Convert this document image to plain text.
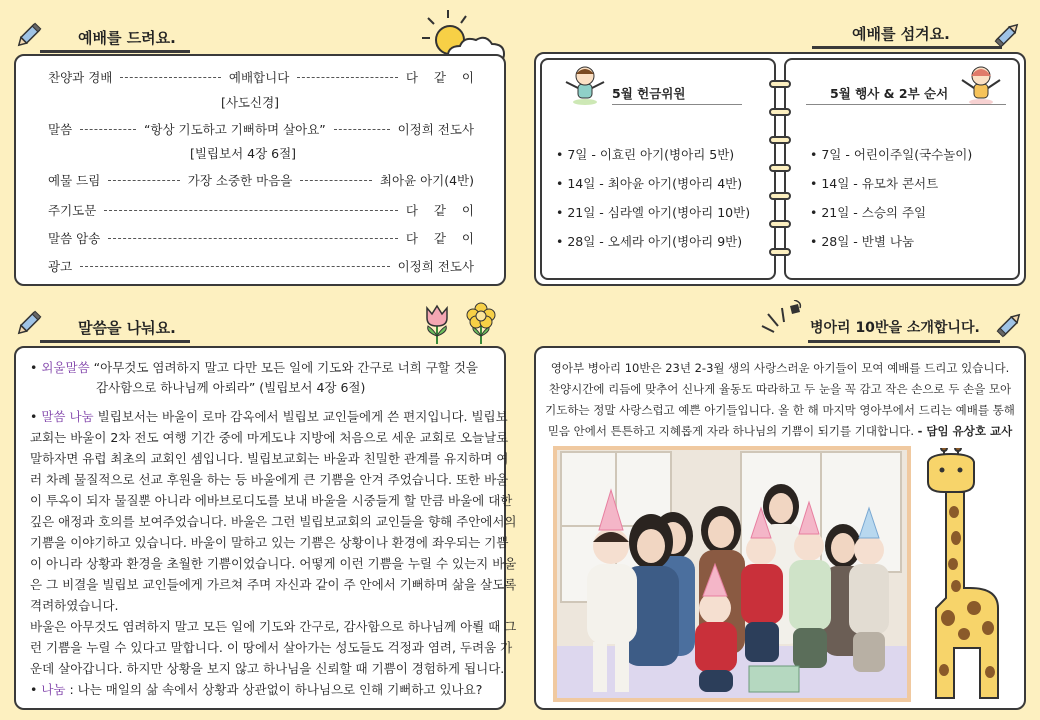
예배를 드려요.
찬양과 경배	예배합니다	다 같 이
[사도신경]
말씀	“항상 기도하고 기뻐하며 살아요”	이정희 전도사
[빌립보서 4장 6절]
예물 드림	가장 소중한 마음을	최아윤 아기(4반)
주기도문	다 같 이
말씀 암송	다 같 이
광고	이정희 전도사
예배를 섬겨요.
5월 헌금위원
• 7일 - 이효린 아기(병아리 5반)
• 14일 - 최아윤 아기(병아리 4반)
• 21일 - 심라엘 아기(병아리 10반)
• 28일 - 오세라 아기(병아리 9반)
5월 행사 & 2부 순서
• 7일 - 어린이주일(국수놀이)
• 14일 - 유모차 콘서트
• 21일 - 스승의 주일
• 28일 - 반별 나눔
말씀을 나눠요.
• 외울말씀 “아무것도 염려하지 말고 다만 모든 일에 기도와 간구로 너희 구할 것을
감사함으로 하나님께 아뢰라” (빌립보서 4장 6절)
• 말씀 나눔 빌립보서는 바울이 로마 감옥에서 빌립보 교인들에게 쓴 편지입니다. 빌립보
교회는 바울이 2차 전도 여행 기간 중에 마게도냐 지방에 처음으로 세운 교회로 오늘날로
말하자면 유럽 최초의 교회인 셈입니다. 빌립보교회는 바울과 친밀한 관계를 유지하며 여
러 차례 물질적으로 선교 후원을 하는 등 바울에게 큰 기쁨을 안겨 주었습니다. 또한 바울
이 투옥이 되자 물질뿐 아니라 에바브로디도를 보내 바울을 시중들게 할 만큼 바울에 대한
깊은 애정과 호의를 보여주었습니다. 바울은 그런 빌립보교회의 교인들을 향해 주안에서의
기쁨을 이야기하고 있습니다. 바울이 말하고 있는 기쁨은 상황이나 환경에 좌우되는 기쁨
이 아니라 상황과 환경을 초월한 기쁨이었습니다. 어떻게 이런 기쁨을 누릴 수 있는지 바울
은 그 비결을 빌립보 교인들에게 가르쳐 주며 자신과 같이 주 안에서 기뻐하며 삶을 살도록
격려하였습니다.
바울은 아무것도 염려하지 말고 모든 일에 기도와 간구로, 감사함으로 하나님께 아뢸 때 그
런 기쁨을 누릴 수 있다고 말합니다. 이 땅에서 살아가는 성도들도 걱정과 염려, 두려움 가
운데 살아갑니다. 하지만 상황을 보지 않고 하나님을 신뢰할 때 기쁨이 경험하게 됩니다.
• 나눔 : 나는 매일의 삶 속에서 상황과 상관없이 하나님으로 인해 기뻐하고 있나요?
병아리 10반을 소개합니다.
영아부 병아리 10반은 23년 2-3월 생의 사랑스러운 아기들이 모여 예배를 드리고 있습니다.
찬양시간에 리듬에 맞추어 신나게 율동도 따라하고 두 눈을 꼭 감고 작은 손으로 두 손을 모아
기도하는 정말 사랑스럽고 예쁜 아기들입니다. 올 한 해 마지막 영아부에서 드리는 예배를 통해
믿음 안에서 튼튼하고 지혜롭게 자라 하나님의 기쁨이 되기를 기대합니다. - 담임 유상호 교사
